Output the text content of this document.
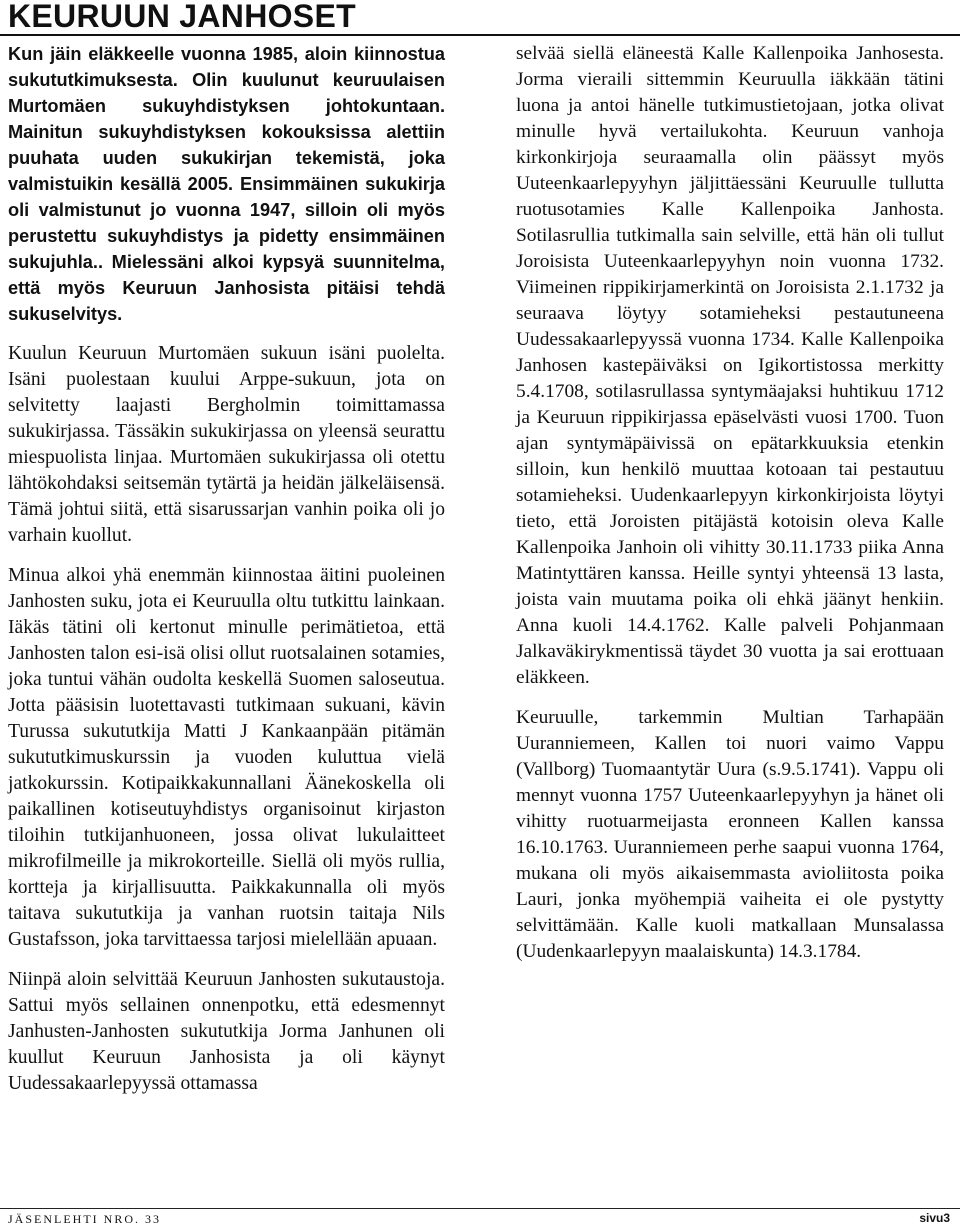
KEURUUN JANHOSET

Kun jäin eläkkeelle vuonna 1985, aloin kiinnostua sukututkimuksesta. Olin kuulunut keuruulaisen Murtomäen sukuyhdistyksen johtokuntaan. Mainitun sukuyhdistyksen kokouksissa alettiin puuhata uuden sukukirjan tekemistä, joka valmistuikin kesällä 2005. Ensimmäinen sukukirja oli valmistunut jo vuonna 1947, silloin oli myös perustettu sukuyhdistys ja pidetty ensimmäinen sukujuhla.. Mielessäni alkoi kypsyä suunnitelma, että myös Keuruun Janhosista pitäisi tehdä sukuselvitys.

Kuulun Keuruun Murtomäen sukuun isäni puolelta. Isäni puolestaan kuului Arppe-sukuun, jota on selvitetty laajasti Bergholmin toimittamassa sukukirjassa. Tässäkin sukukirjassa on yleensä seurattu miespuolista linjaa. Murtomäen sukukirjassa oli otettu lähtökohdaksi seitsemän tytärtä ja heidän jälkeläisensä. Tämä johtui siitä, että sisarussarjan vanhin poika oli jo varhain kuollut.

Minua alkoi yhä enemmän kiinnostaa äitini puoleinen Janhosten suku, jota ei Keuruulla oltu tutkittu lainkaan. Iäkäs tätini oli kertonut minulle perimätietoa, että Janhosten talon esi-isä olisi ollut ruotsalainen sotamies, joka tuntui vähän oudolta keskellä Suomen saloseutua. Jotta pääsisin luotettavasti tutkimaan sukuani, kävin Turussa sukututkija Matti J Kankaanpään pitämän sukututkimuskurssin ja vuoden kuluttua vielä jatkokurssin. Kotipaikkakunnallani Äänekoskella oli paikallinen kotiseutuyhdistys organisoinut kirjaston tiloihin tutkijanhuoneen, jossa olivat lukulaitteet mikrofilmeille ja mikrokorteille. Siellä oli myös rullia, kortteja ja kirjallisuutta. Paikkakunnalla oli myös taitava sukututkija ja vanhan ruotsin taitaja Nils Gustafsson, joka tarvittaessa tarjosi mielellään apuaan.

Niinpä aloin selvittää Keuruun Janhosten sukutaustoja. Sattui myös sellainen onnenpotku, että edesmennyt Janhusten-Janhosten sukututkija Jorma Janhunen oli kuullut Keuruun Janhosista ja oli käynyt Uudessakaarlepyyssä ottamassa

selvää siellä eläneestä Kalle Kallenpoika Janhosesta. Jorma vieraili sittemmin Keuruulla iäkkään tätini luona ja antoi hänelle tutkimustietojaan, jotka olivat minulle hyvä vertailukohta. Keuruun vanhoja kirkonkirjoja seuraamalla olin päässyt myös Uuteenkaarlepyyhyn jäljittäessäni Keuruulle tullutta ruotusotamies Kalle Kallenpoika Janhosta. Sotilasrullia tutkimalla sain selville, että hän oli tullut Joroisista Uuteenkaarlepyyhyn noin vuonna 1732. Viimeinen rippikirjamerkintä on Joroisista 2.1.1732 ja seuraava löytyy sotamieheksi pestautuneena Uudessakaarlepyyssä vuonna 1734. Kalle Kallenpoika Janhosen kastepäiväksi on Igikortistossa merkitty 5.4.1708, sotilasrullassa syntymäajaksi huhtikuu 1712 ja Keuruun rippikirjassa epäselvästi vuosi 1700. Tuon ajan syntymäpäivissä on epätarkkuuksia etenkin silloin, kun henkilö muuttaa kotoaan tai pestautuu sotamieheksi. Uudenkaarlepyyn kirkonkirjoista löytyi tieto, että Joroisten pitäjästä kotoisin oleva Kalle Kallenpoika Janhoin oli vihitty 30.11.1733 piika Anna Matintyttären kanssa. Heille syntyi yhteensä 13 lasta, joista vain muutama poika oli ehkä jäänyt henkiin. Anna kuoli 14.4.1762. Kalle palveli Pohjanmaan Jalkaväkirykmentissä täydet 30 vuotta ja sai erottuaan eläkkeen.

Keuruulle, tarkemmin Multian Tarhapään Uuranniemeen, Kallen toi nuori vaimo Vappu (Vallborg) Tuomaantytär Uura (s.9.5.1741). Vappu oli mennyt vuonna 1757 Uuteenkaarlepyyhyn ja hänet oli vihitty ruotuarmeijasta eronneen Kallen kanssa 16.10.1763. Uuranniemeen perhe saapui vuonna 1764, mukana oli myös aikaisemmasta avioliitosta poika Lauri, jonka myöhempiä vaiheita ei ole pystytty selvittämään. Kalle kuoli matkallaan Munsalassa (Uudenkaarlepyyn maalaiskunta) 14.3.1784.

JÄSENLEHTI NRO. 33	sivu3
